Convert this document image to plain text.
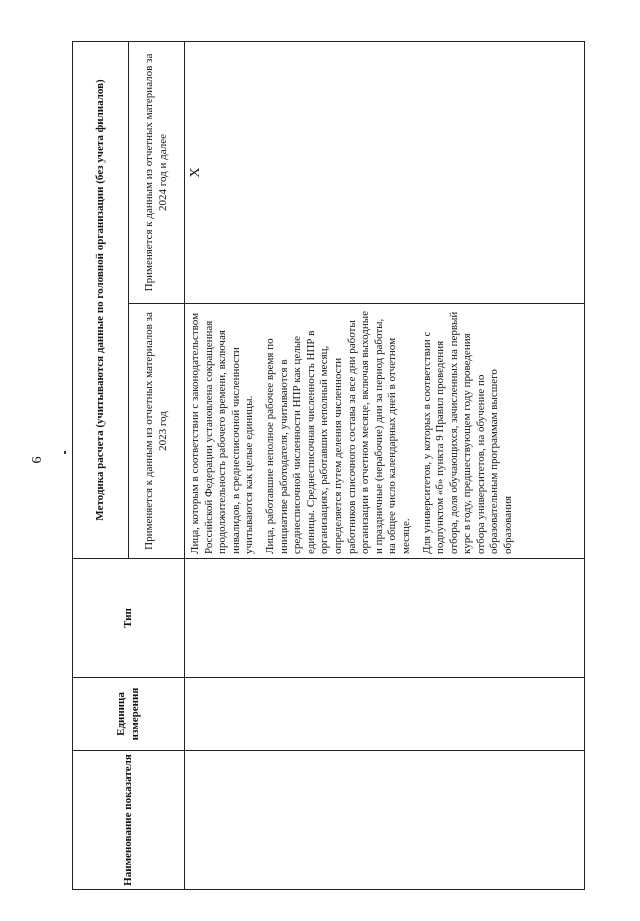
6
Наименование показателя	Единица измерения	Тип	Методика расчета (учитываются данные по головной организации (без учета филиалов)	
			Применяется к данным из отчетных материалов за 2023 год	Применяется к данным из отчетных материалов за 2024 год и далее

			Лица, которым в соответствии с законодательством Российской Федерации установлена сокращенная продолжительность рабочего времени, включая инвалидов, в среднесписочной численности учитываются как целые единицы. Лица, работавшие неполное рабочее время по инициативе работодателя, учитываются в среднесписочной численности НПР как целые единицы. Среднесписочная численность НПР в организациях, работавших неполный месяц, определяется путем деления численности работников списочного состава за все дни работы организации в отчетном месяце, включая выходные и праздничные (нерабочие) дни за период работы, на общее число календарных дней в отчетном месяце. Для университетов, у которых в соответствии с подпунктом «б» пункта 9 Правил проведения отбора, доля обучающихся, зачисленных на первый курс в году, предшествующем году проведения отбора университетов, на обучение по образовательным программам высшего образования	X
